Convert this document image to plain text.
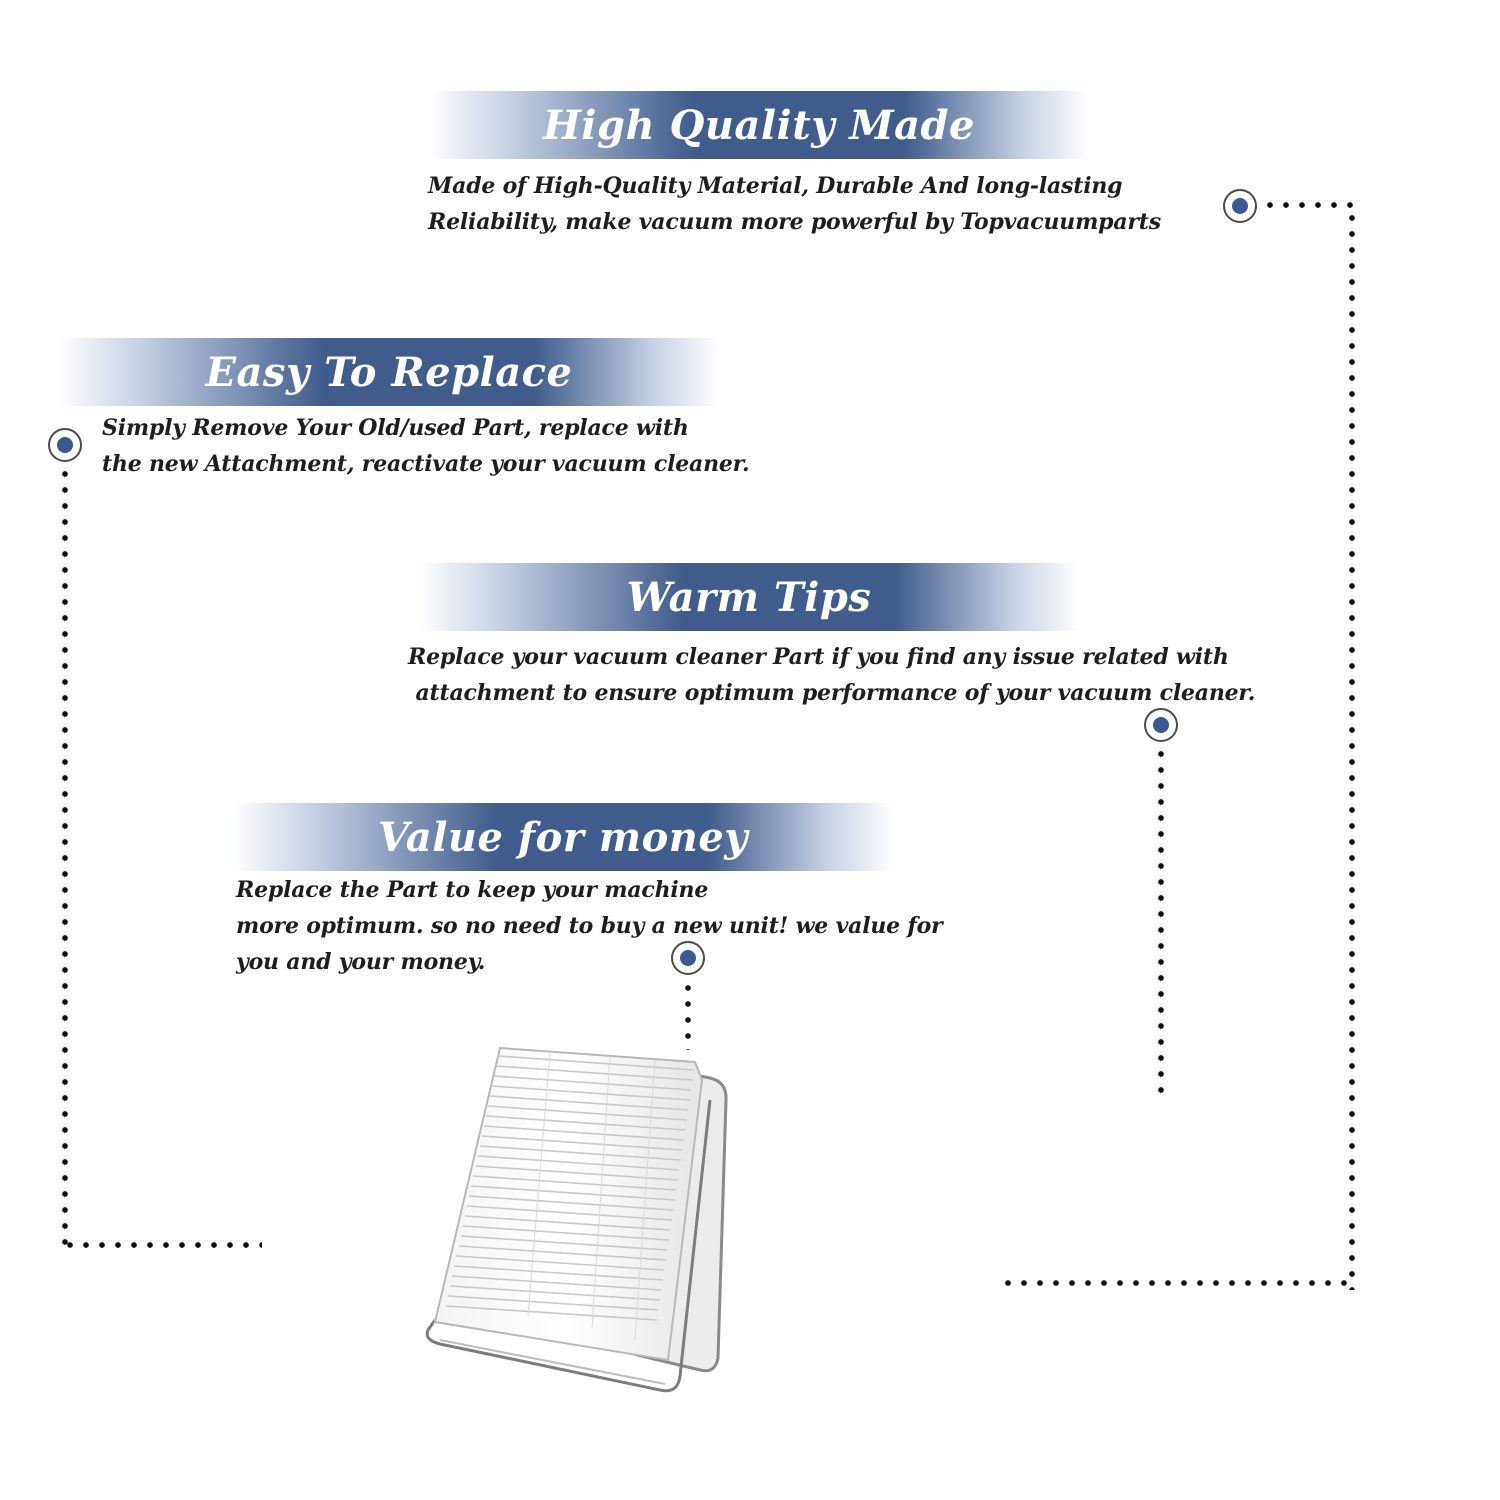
High Quality Made
Made of High-Quality Material, Durable And long-lasting
Reliability, make vacuum more powerful by Topvacuumparts
Easy To Replace
Simply Remove Your Old/used Part, replace with
the new Attachment, reactivate your vacuum cleaner.
Warm Tips
Replace your vacuum cleaner Part if you find any issue related with
attachment to ensure optimum performance of your vacuum cleaner.
Value for money
Replace the Part to keep your machine
more optimum. so no need to buy a new unit! we value for
you and your money.
